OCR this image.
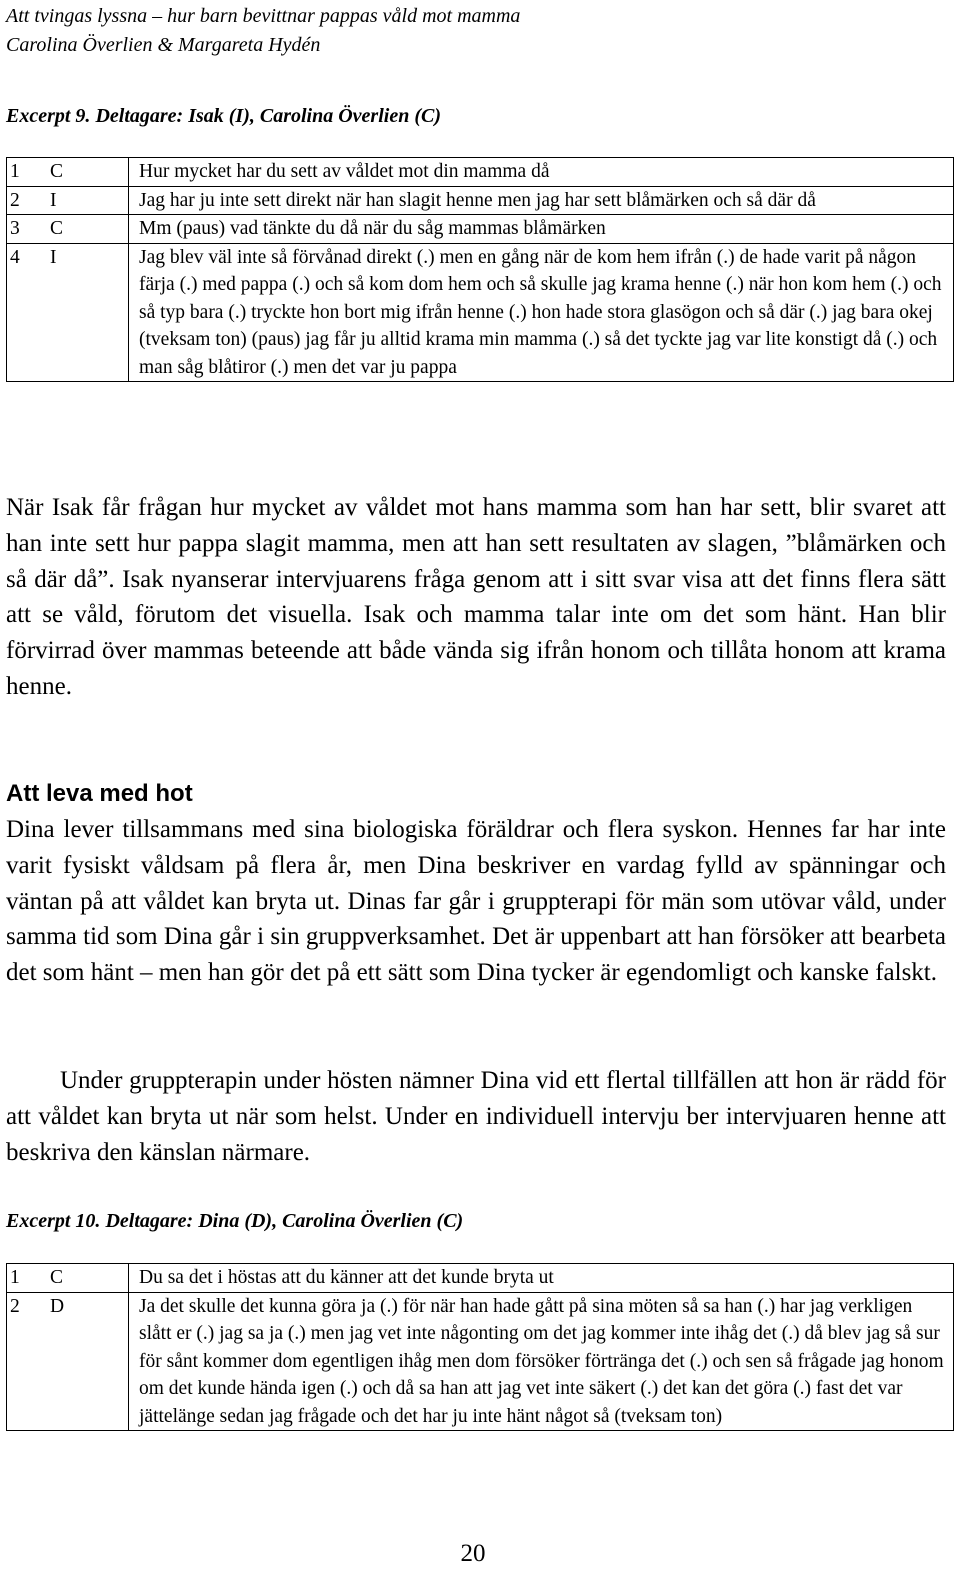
Att tvingas lyssna – hur barn bevittnar pappas våld mot mamma
Carolina Överlien & Margareta Hydén
Excerpt 9. Deltagare: Isak (I), Carolina Överlien (C)
1	C	Hur mycket har du sett av våldet mot din mamma då
2	I	Jag har ju inte sett direkt när han slagit henne men jag har sett blåmärken och så där då
3	C	Mm (paus) vad tänkte du då när du såg mammas blåmärken
4	I	Jag blev väl inte så förvånad direkt (.) men en gång när de kom hem ifrån (.) de hade varit på någon färja (.) med pappa (.) och så kom dom hem och så skulle jag krama henne (.) när hon kom hem (.) och så typ bara (.) tryckte hon bort mig ifrån henne (.) hon hade stora glasögon och så där (.) jag bara okej (tveksam ton) (paus) jag får ju alltid krama min mamma (.) så det tyckte jag var lite konstigt då (.) och man såg blåtiror (.) men det var ju pappa

När Isak får frågan hur mycket av våldet mot hans mamma som han har sett, blir svaret att han inte sett hur pappa slagit mamma, men att han sett resultaten av slagen, ”blåmärken och så där då”. Isak nyanserar intervjuarens fråga genom att i sitt svar visa att det finns flera sätt att se våld, förutom det visuella. Isak och mamma talar inte om det som hänt. Han blir förvirrad över mammas beteende att både vända sig ifrån honom och tillåta honom att krama henne.

Att leva med hot

Dina lever tillsammans med sina biologiska föräldrar och flera syskon. Hennes far har inte varit fysiskt våldsam på flera år, men Dina beskriver en vardag fylld av spänningar och väntan på att våldet kan bryta ut. Dinas far går i gruppterapi för män som utövar våld, under samma tid som Dina går i sin gruppverksamhet. Det är uppenbart att han försöker att bearbeta det som hänt – men han gör det på ett sätt som Dina tycker är egendomligt och kanske falskt.

Under gruppterapin under hösten nämner Dina vid ett flertal tillfällen att hon är rädd för att våldet kan bryta ut när som helst. Under en individuell intervju ber intervjuaren henne att beskriva den känslan närmare.

Excerpt 10. Deltagare: Dina (D), Carolina Överlien (C)
1	C	Du sa det i höstas att du känner att det kunde bryta ut
2	D	Ja det skulle det kunna göra ja (.) för när han hade gått på sina möten så sa han (.) har jag verkligen slått er (.) jag sa ja (.) men jag vet inte någonting om det jag kommer inte ihåg det (.) då blev jag så sur för sånt kommer dom egentligen ihåg men dom försöker förtränga det (.) och sen så frågade jag honom om det kunde hända igen (.) och då sa han att jag vet inte säkert (.) det kan det göra (.) fast det var jättelänge sedan jag frågade och det har ju inte hänt något så (tveksam ton)
20
